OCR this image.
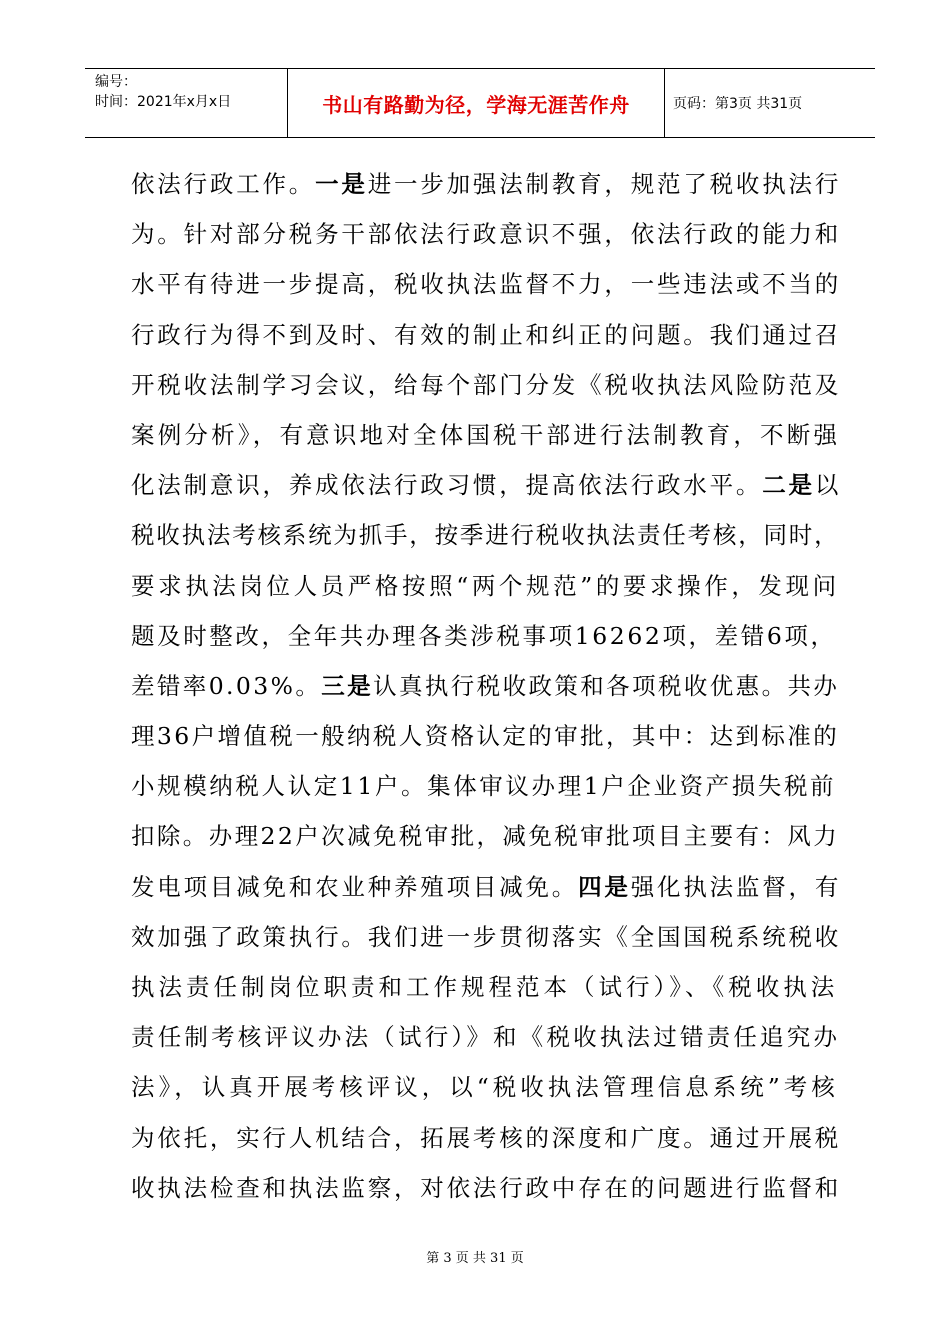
编号：
时间：2021年x月x日	书山有路勤为径，学海无涯苦作舟	页码：第3页 共31页
依法行政工作。一是进一步加强法制教育，规范了税收执法行
为。针对部分税务干部依法行政意识不强，依法行政的能力和
水平有待进一步提高，税收执法监督不力，一些违法或不当的
行政行为得不到及时、有效的制止和纠正的问题。我们通过召
开税收法制学习会议，给每个部门分发《税收执法风险防范及
案例分析》，有意识地对全体国税干部进行法制教育，不断强
化法制意识，养成依法行政习惯，提高依法行政水平。二是以
税收执法考核系统为抓手，按季进行税收执法责任考核，同时，
要求执法岗位人员严格按照“两个规范”的要求操作，发现问
题及时整改，全年共办理各类涉税事项16262项，差错6项，
差错率0.03%。三是认真执行税收政策和各项税收优惠。共办
理36户增值税一般纳税人资格认定的审批，其中：达到标准的
小规模纳税人认定11户。集体审议办理1户企业资产损失税前
扣除。办理22户次减免税审批，减免税审批项目主要有：风力
发电项目减免和农业种养殖项目减免。四是强化执法监督，有
效加强了政策执行。我们进一步贯彻落实《全国国税系统税收
执法责任制岗位职责和工作规程范本（试行）》、《税收执法
责任制考核评议办法（试行）》和《税收执法过错责任追究办
法》，认真开展考核评议，以“税收执法管理信息系统”考核
为依托，实行人机结合，拓展考核的深度和广度。通过开展税
收执法检查和执法监察，对依法行政中存在的问题进行监督和
第 3 页 共 31 页
